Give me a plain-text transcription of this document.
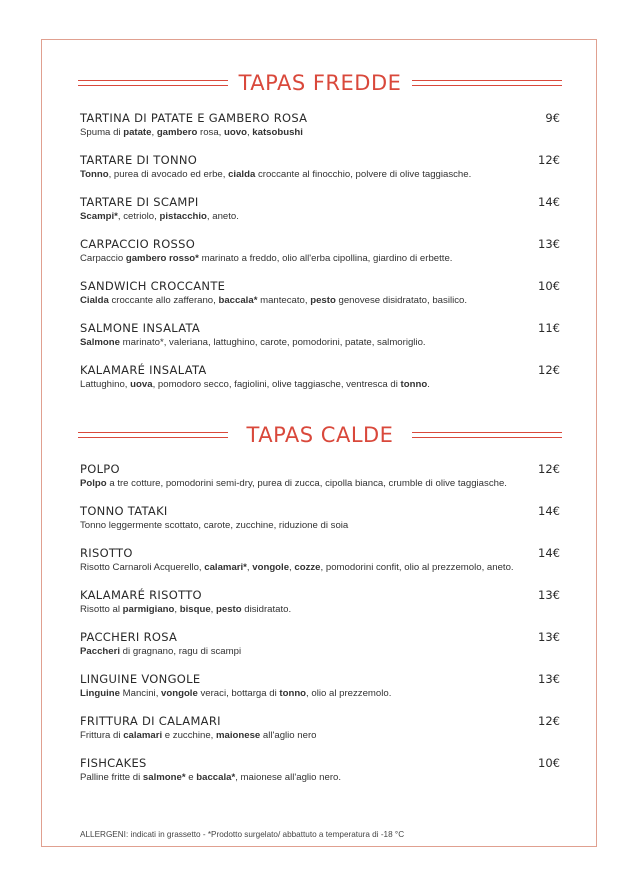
TAPAS FREDDE
TARTINA DI PATATE E GAMBERO ROSA	9€
Spuma di patate, gambero rosa, uovo, katsobushi
TARTARE DI TONNO	12€
Tonno, purea di avocado ed erbe, cialda croccante al finocchio, polvere di olive taggiasche.
TARTARE DI SCAMPI	14€
Scampi*, cetriolo, pistacchio, aneto.
CARPACCIO ROSSO	13€
Carpaccio gambero rosso* marinato a freddo, olio all'erba cipollina, giardino di erbette.
SANDWICH CROCCANTE	10€
Cialda croccante allo zafferano, baccala* mantecato, pesto genovese disidratato, basilico.
SALMONE INSALATA	11€
Salmone marinato*, valeriana, lattughino, carote, pomodorini, patate, salmoriglio.
KALAMARÉ INSALATA	12€
Lattughino, uova, pomodoro secco, fagiolini, olive taggiasche, ventresca di tonno.
TAPAS CALDE
POLPO	12€
Polpo a tre cotture, pomodorini semi-dry, purea di zucca, cipolla bianca, crumble di olive taggiasche.
TONNO TATAKI	14€
Tonno leggermente scottato, carote, zucchine, riduzione di soia
RISOTTO	14€
Risotto Carnaroli Acquerello, calamari*, vongole, cozze, pomodorini confit, olio al prezzemolo, aneto.
KALAMARÉ RISOTTO	13€
Risotto al parmigiano, bisque, pesto disidratato.
PACCHERI ROSA	13€
Paccheri di gragnano, ragu di scampi
LINGUINE VONGOLE	13€
Linguine Mancini, vongole veraci, bottarga di tonno, olio al prezzemolo.
FRITTURA DI CALAMARI	12€
Frittura di calamari e zucchine, maionese all'aglio nero
FISHCAKES	10€
Palline fritte di salmone* e baccala*, maionese all'aglio nero.
ALLERGENI: indicati in grassetto - *Prodotto surgelato/ abbattuto a temperatura di -18 °C
